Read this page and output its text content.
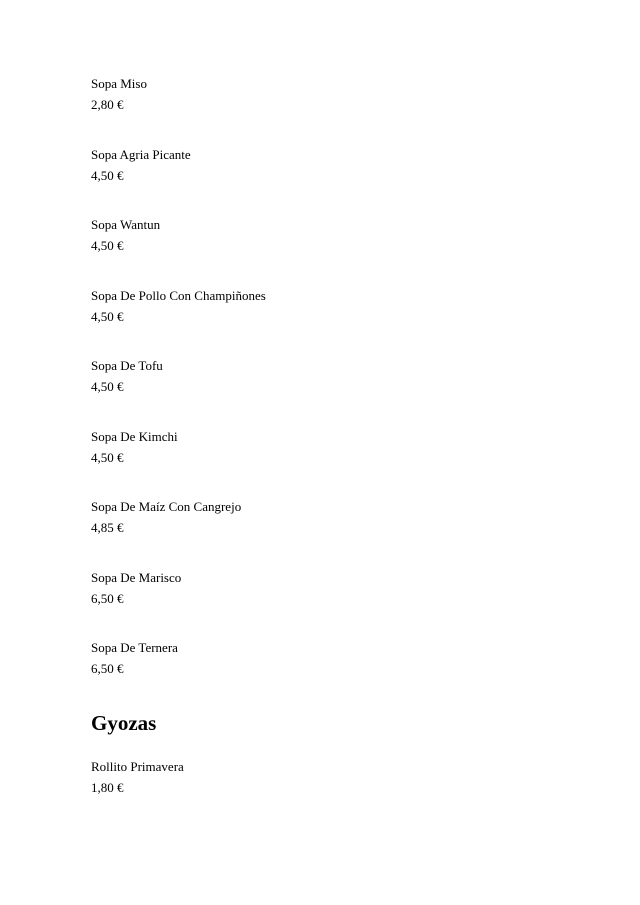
Sopa Miso
2,80 €
Sopa Agria Picante
4,50 €
Sopa Wantun
4,50 €
Sopa De Pollo Con Champiñones
4,50 €
Sopa De Tofu
4,50 €
Sopa De Kimchi
4,50 €
Sopa De Maíz Con Cangrejo
4,85 €
Sopa De Marisco
6,50 €
Sopa De Ternera
6,50 €
Gyozas
Rollito Primavera
1,80 €
